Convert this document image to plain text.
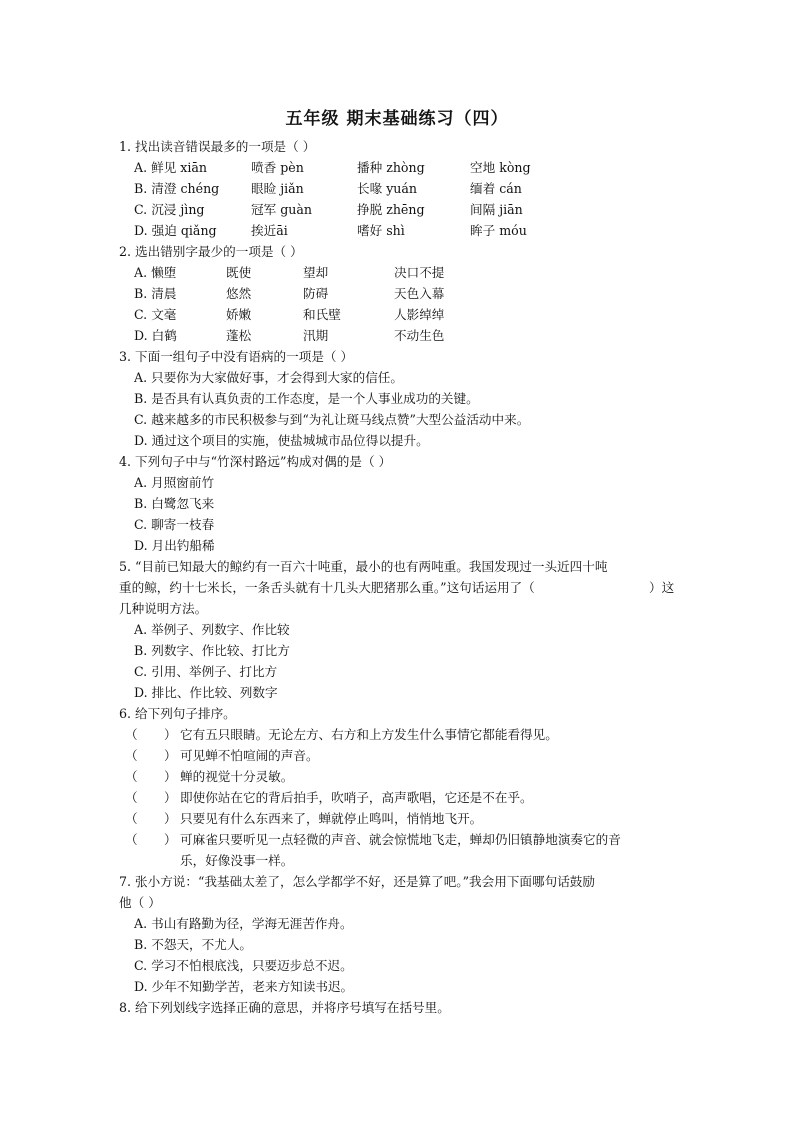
五年级 期末基础练习（四）
1. 找出读音错误最多的一项是（ ）
A. 鲜见 xiān	喷香 pèn	播种 zhòng	空地 kòng
B. 清澄 chéng	眼睑 jiǎn	长喙 yuán	缅着 cán
C. 沉浸 jìng	冠军 guàn	挣脱 zhēng	间隔 jiān
D. 强迫 qiǎng	挨近āi	嗜好 shì	眸子 móu
2. 选出错别字最少的一项是（ ）
A. 懒堕	既使	望却	决口不提
B. 清晨	悠然	防碍	天色入幕
C. 文毫	娇嫩	和氏壁	人影绰绰
D. 白鹤	蓬松	汛期	不动生色
3. 下面一组句子中没有语病的一项是（ ）
A. 只要你为大家做好事，才会得到大家的信任。
B. 是否具有认真负责的工作态度，是一个人事业成功的关键。
C. 越来越多的市民积极参与到“为礼让斑马线点赞”大型公益活动中来。
D. 通过这个项目的实施，使盐城城市品位得以提升。
4. 下列句子中与“竹深村路远”构成对偶的是（ ）
A. 月照窗前竹
B. 白鹭忽飞来
C. 聊寄一枝春
D. 月出钓船稀
5. “目前已知最大的鲸约有一百六十吨重，最小的也有两吨重。我国发现过一头近四十吨
重的鲸，约十七米长，一条舌头就有十几头大肥猪那么重。”这句话运用了（	）这
几种说明方法。
A. 举例子、列数字、作比较
B. 列数字、作比较、打比方
C. 引用、举例子、打比方
D. 排比、作比较、列数字
6. 给下列句子排序。
（ ） 它有五只眼睛。无论左方、右方和上方发生什么事情它都能看得见。
（ ） 可见蝉不怕喧闹的声音。
（ ） 蝉的视觉十分灵敏。
（ ） 即使你站在它的背后拍手，吹哨子，高声歌唱，它还是不在乎。
（ ） 只要见有什么东西来了，蝉就停止鸣叫，悄悄地飞开。
（ ） 可麻雀只要听见一点轻微的声音、就会惊慌地飞走，蝉却仍旧镇静地演奏它的音
乐，好像没事一样。
7. 张小方说：“我基础太差了，怎么学都学不好，还是算了吧。”我会用下面哪句话鼓励
他（ ）
A. 书山有路勤为径，学海无涯苦作舟。
B. 不怨天，不尤人。
C. 学习不怕根底浅，只要迈步总不迟。
D. 少年不知勤学苦，老来方知读书迟。
8. 给下列划线字选择正确的意思，并将序号填写在括号里。
